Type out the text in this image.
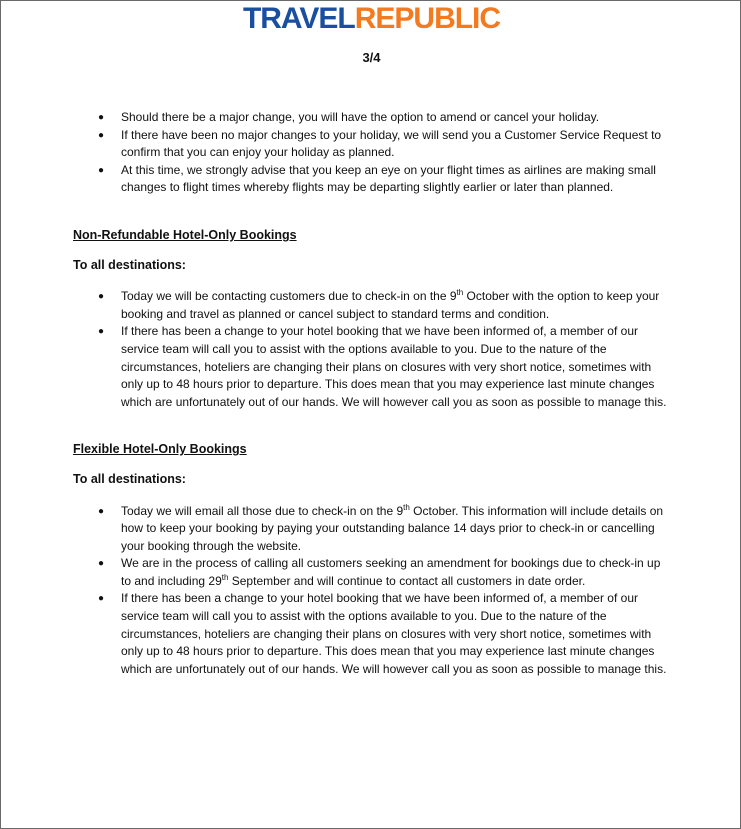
TRAVELREPUBLIC
3/4
● Should there be a major change, you will have the option to amend or cancel your holiday.
● If there have been no major changes to your holiday, we will send you a Customer Service Request to confirm that you can enjoy your holiday as planned.
● At this time, we strongly advise that you keep an eye on your flight times as airlines are making small changes to flight times whereby flights may be departing slightly earlier or later than planned.
Non-Refundable Hotel-Only Bookings
To all destinations:
● Today we will be contacting customers due to check-in on the 9th October with the option to keep your booking and travel as planned or cancel subject to standard terms and condition.
● If there has been a change to your hotel booking that we have been informed of, a member of our service team will call you to assist with the options available to you. Due to the nature of the circumstances, hoteliers are changing their plans on closures with very short notice, sometimes with only up to 48 hours prior to departure. This does mean that you may experience last minute changes which are unfortunately out of our hands. We will however call you as soon as possible to manage this.
Flexible Hotel-Only Bookings
To all destinations:
● Today we will email all those due to check-in on the 9th October. This information will include details on how to keep your booking by paying your outstanding balance 14 days prior to check-in or cancelling your booking through the website.
● We are in the process of calling all customers seeking an amendment for bookings due to check-in up to and including 29th September and will continue to contact all customers in date order.
● If there has been a change to your hotel booking that we have been informed of, a member of our service team will call you to assist with the options available to you. Due to the nature of the circumstances, hoteliers are changing their plans on closures with very short notice, sometimes with only up to 48 hours prior to departure. This does mean that you may experience last minute changes which are unfortunately out of our hands. We will however call you as soon as possible to manage this.
